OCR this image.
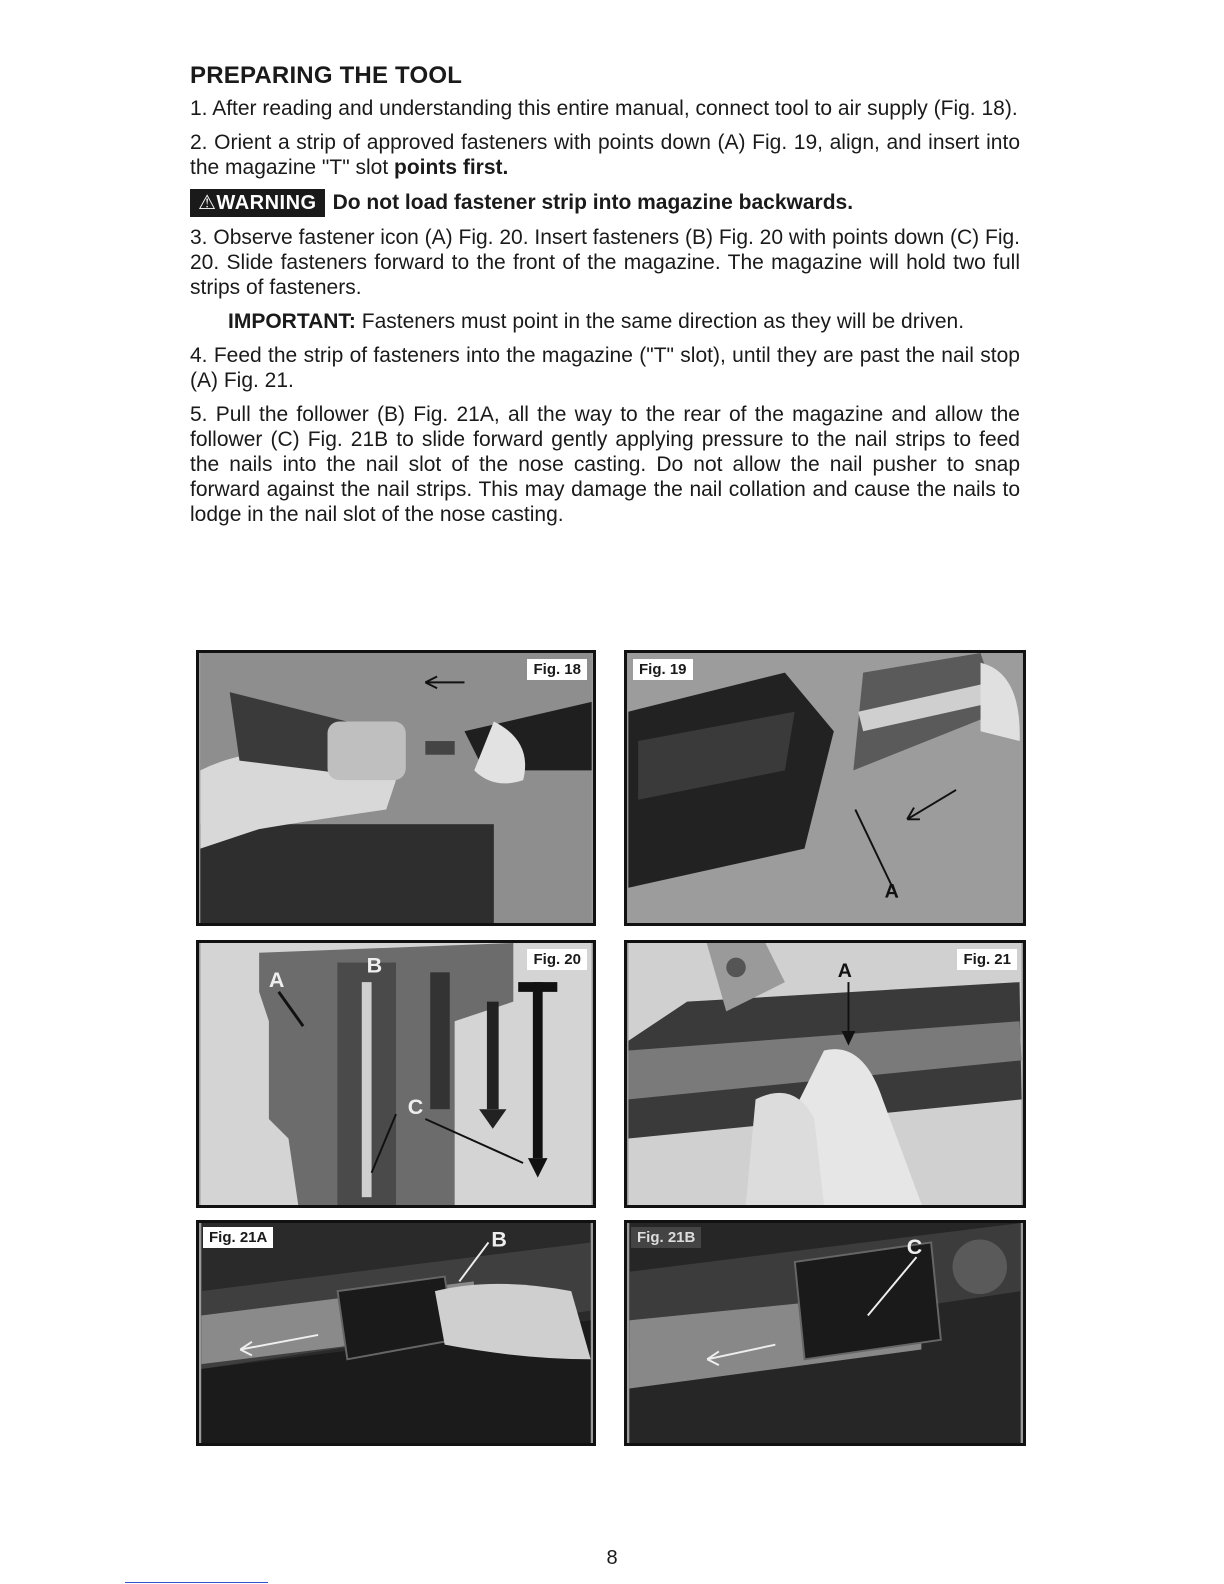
PREPARING THE TOOL

1. After reading and understanding this entire manual, connect tool to air supply (Fig. 18).

2. Orient a strip of approved fasteners with points down (A) Fig. 19, align, and insert into the magazine "T" slot points first.

⚠WARNING Do not load fastener strip into magazine backwards.

3. Observe fastener icon (A) Fig. 20. Insert fasteners (B) Fig. 20 with points down (C) Fig. 20. Slide fasteners forward to the front of the magazine. The magazine will hold two full strips of fasteners.

IMPORTANT: Fasteners must point in the same direction as they will be driven.

4. Feed the strip of fasteners into the magazine ("T" slot), until they are past the nail stop (A) Fig. 21.

5. Pull the follower (B) Fig. 21A, all the way to the rear of the magazine and allow the follower (C) Fig. 21B to slide forward gently applying pressure to the nail strips to feed the nails into the nail slot of the nose casting. Do not allow the nail pusher to snap forward against the nail strips. This may damage the nail collation and cause the nails to lodge in the nail slot of the nose casting.

Fig. 18
A
Fig. 19
A
B
C
Fig. 20
A
Fig. 21
B
Fig. 21A	C
Fig. 21B
8
